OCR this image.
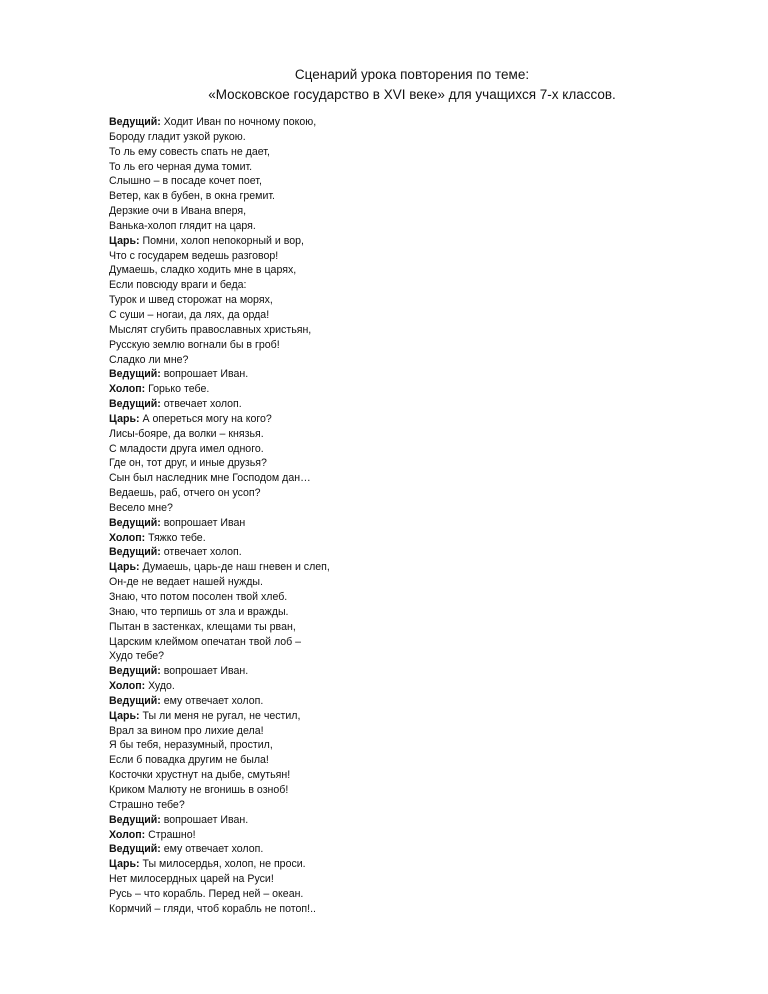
Сценарий урока повторения по теме:
«Московское государство в XVI веке» для учащихся 7-х классов.
Ведущий: Ходит Иван по ночному покою,
Бороду гладит узкой рукою.
То ль ему совесть спать не дает,
То ль его черная дума томит.
Слышно – в посаде кочет поет,
Ветер, как в бубен, в окна гремит.
Дерзкие очи в Ивана вперя,
Ванька-холоп глядит на царя.
Царь: Помни, холоп непокорный и вор,
Что с государем ведешь разговор!
Думаешь, сладко ходить мне в царях,
Если повсюду враги и беда:
Турок и швед сторожат на морях,
С суши – ногаи, да лях, да орда!
Мыслят сгубить православных христьян,
Русскую землю вогнали бы в гроб!
Сладко ли мне?
Ведущий: вопрошает Иван.
Холоп: Горько тебе.
Ведущий: отвечает холоп.
Царь: А опереться могу на кого?
Лисы-бояре, да волки – князья.
С младости друга имел одного.
Где он, тот друг, и иные друзья?
Сын был наследник мне Господом дан…
Ведаешь, раб, отчего он усоп?
Весело мне?
Ведущий: вопрошает Иван
Холоп: Тяжко тебе.
Ведущий: отвечает холоп.
Царь: Думаешь, царь-де наш гневен и слеп,
Он-де не ведает нашей нужды.
Знаю, что потом посолен твой хлеб.
Знаю, что терпишь от зла и вражды.
Пытан в застенках, клещами ты рван,
Царским клеймом опечатан твой лоб –
Худо тебе?
Ведущий: вопрошает Иван.
Холоп: Худо.
Ведущий: ему отвечает холоп.
Царь: Ты ли меня не ругал, не честил,
Врал за вином про лихие дела!
Я бы тебя, неразумный, простил,
Если б повадка другим не была!
Косточки хрустнут на дыбе, смутьян!
Криком Малюту не вгонишь в озноб!
Страшно тебе?
Ведущий: вопрошает Иван.
Холоп: Страшно!
Ведущий: ему отвечает холоп.
Царь: Ты милосердья, холоп, не проси.
Нет милосердных царей на Руси!
Русь – что корабль. Перед ней – океан.
Кормчий – гляди, чтоб корабль не потоп!..
